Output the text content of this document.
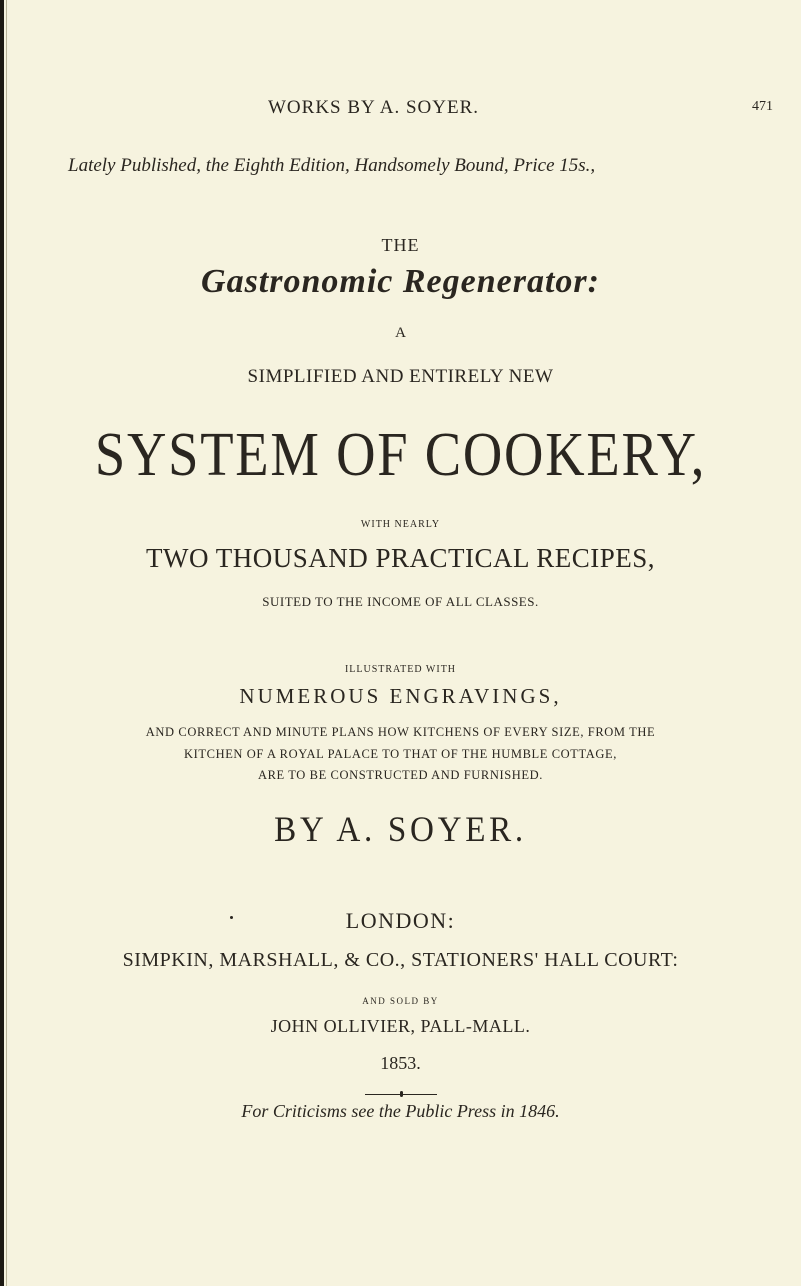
WORKS BY A. SOYER.	471
Lately Published, the Eighth Edition, Handsomely Bound, Price 15s.,
THE
Gastronomic Regenerator:
A
SIMPLIFIED AND ENTIRELY NEW
SYSTEM OF COOKERY,
WITH NEARLY
TWO THOUSAND PRACTICAL RECIPES,
SUITED TO THE INCOME OF ALL CLASSES.
ILLUSTRATED WITH
NUMEROUS ENGRAVINGS,
AND CORRECT AND MINUTE PLANS HOW KITCHENS OF EVERY SIZE, FROM THE
KITCHEN OF A ROYAL PALACE TO THAT OF THE HUMBLE COTTAGE,
ARE TO BE CONSTRUCTED AND FURNISHED.
BY A. SOYER.
LONDON:
SIMPKIN, MARSHALL, & CO., STATIONERS' HALL COURT:
AND SOLD BY
JOHN OLLIVIER, PALL-MALL.
1853.
For Criticisms see the Public Press in 1846.
